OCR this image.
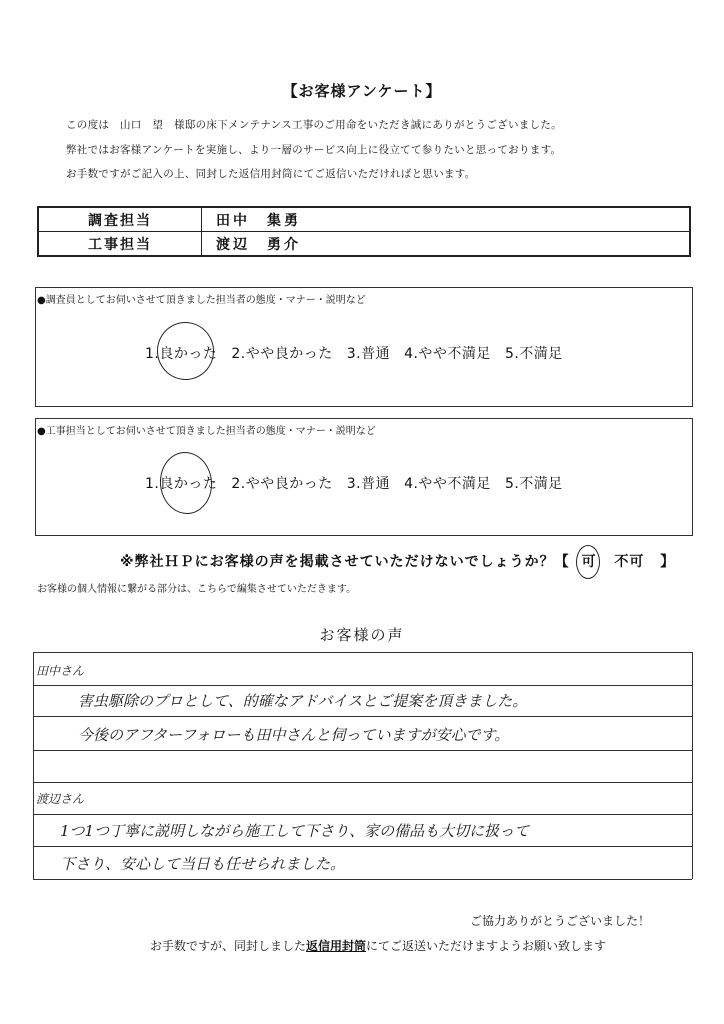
【お客様アンケート】
この度は　山口　望　様邸の床下メンテナンス工事のご用命をいただき誠にありがとうございました。
弊社ではお客様アンケートを実施し、より一層のサービス向上に役立てて参りたいと思っております。
お手数ですがご記入の上、同封した返信用封筒にてご返信いただければと思います。
調査担当	田中　集勇
工事担当	渡辺　勇介
●調査員としてお伺いさせて頂きました担当者の態度・マナー・説明など
1.良かった 2.やや良かった 3.普通 4.やや不満足 5.不満足
●工事担当としてお伺いさせて頂きました担当者の態度・マナー・説明など
1.良かった 2.やや良かった 3.普通 4.やや不満足 5.不満足
※弊社ＨＰにお客様の声を掲載させていただけないでしょうか？【 可 不可 】
お客様の個人情報に繋がる部分は、こちらで編集させていただきます。
お客様の声
田中さん
害虫駆除のプロとして、的確なアドバイスとご提案を頂きました。
今後のアフターフォローも田中さんと伺っていますが安心です。
渡辺さん
1つ1つ丁寧に説明しながら施工して下さり、家の備品も大切に扱って
下さり、安心して当日も任せられました。
ご協力ありがとうございました！
お手数ですが、同封しました返信用封筒にてご返送いただけますようお願い致します
